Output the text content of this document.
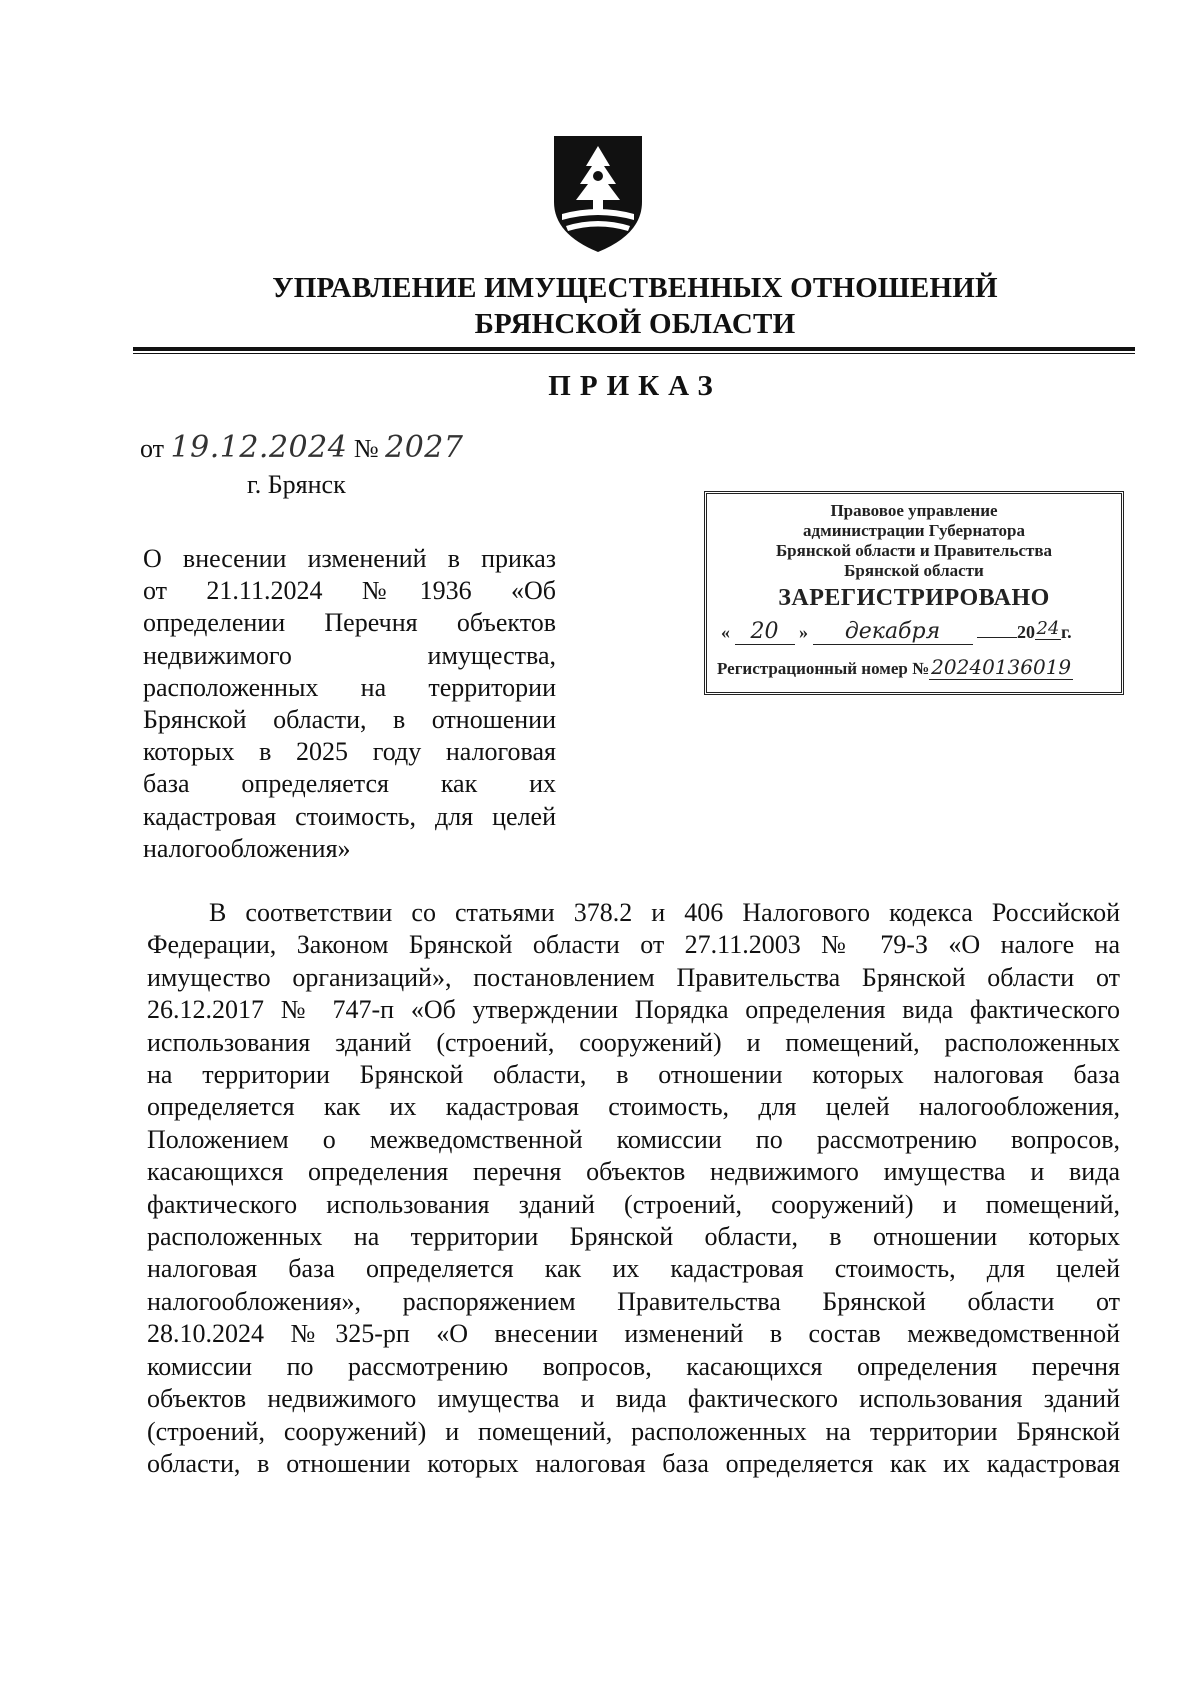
УПРАВЛЕНИЕ ИМУЩЕСТВЕННЫХ ОТНОШЕНИЙ
БРЯНСКОЙ ОБЛАСТИ
ПРИКАЗ
от 19.12.2024 № 2027
г. Брянск
О внесении изменений в приказ
от 21.11.2024 №1936 «Об
определении Перечня объектов
недвижимого имущества,
расположенных на территории
Брянской области, в отношении
которых в 2025 году налоговая
база определяется как их
кадастровая стоимость, для целей
налогообложения»
Правовое управление
администрации Губернатора
Брянской области и Правительства
Брянской области
ЗАРЕГИСТРИРОВАНО
« 20 » декабря	2024г.
Регистрационный номер № 20240136019
В соответствии со статьями 378.2 и 406 Налогового кодекса Российской
Федерации, Законом Брянской области от 27.11.2003 № 79-З «О налоге на
имущество организаций», постановлением Правительства Брянской области от
26.12.2017 № 747-п «Об утверждении Порядка определения вида фактического
использования зданий (строений, сооружений) и помещений, расположенных
на территории Брянской области, в отношении которых налоговая база
определяется как их кадастровая стоимость, для целей налогообложения,
Положением о межведомственной комиссии по рассмотрению вопросов,
касающихся определения перечня объектов недвижимого имущества и вида
фактического использования зданий (строений, сооружений) и помещений,
расположенных на территории Брянской области, в отношении которых
налоговая база определяется как их кадастровая стоимость, для целей
налогообложения», распоряжением Правительства Брянской области от
28.10.2024 №325-рп «О внесении изменений в состав межведомственной
комиссии по рассмотрению вопросов, касающихся определения перечня
объектов недвижимого имущества и вида фактического использования зданий
(строений, сооружений) и помещений, расположенных на территории Брянской
области, в отношении которых налоговая база определяется как их кадастровая
